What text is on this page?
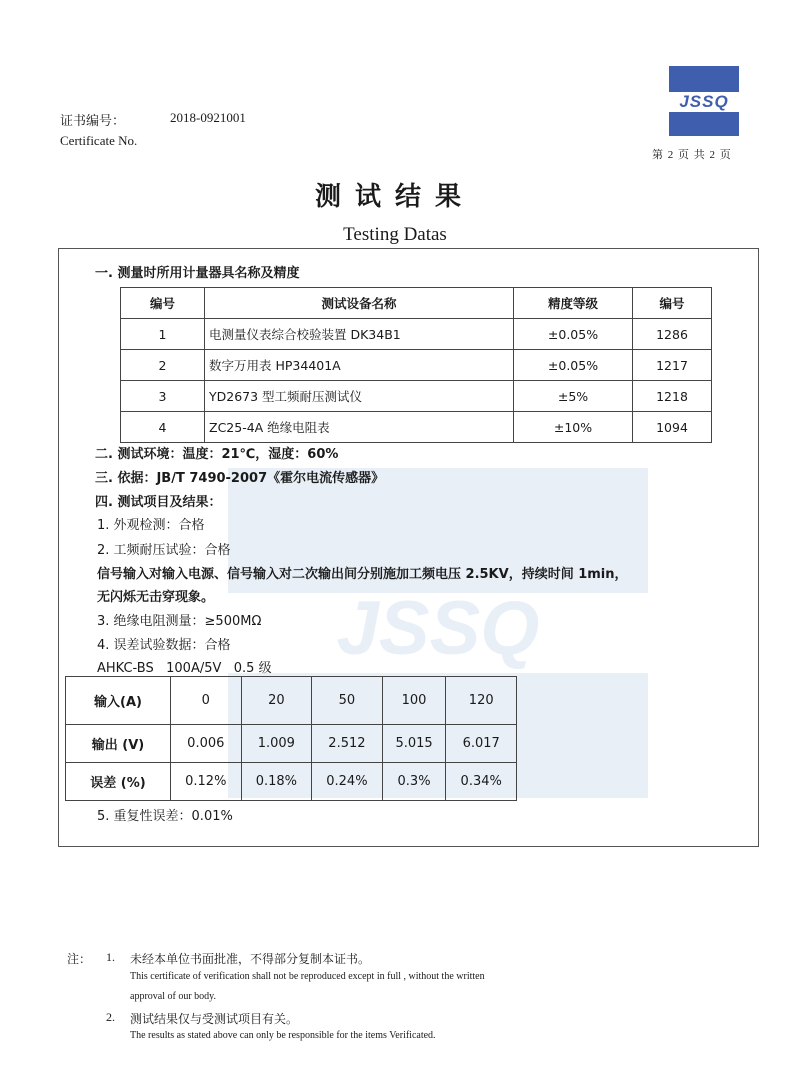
证书编号：	2018-0921001
Certificate No.
JSSQ
第 2 页 共 2 页
测试结果
Testing Datas
JSSQ
一. 测量时所用计量器具名称及精度
编号	测试设备名称	精度等级	编号
1	电测量仪表综合校验装置 DK34B1	±0.05%	1286
2	数字万用表 HP34401A	±0.05%	1217
3	YD2673 型工频耐压测试仪	±5%	1218
4	ZC25-4A 绝缘电阻表	±10%	1094
二. 测试环境：温度：21℃，湿度：60%
三. 依据：JB/T 7490-2007《霍尔电流传感器》
四. 测试项目及结果：
1. 外观检测：合格
2. 工频耐压试验：合格
信号输入对输入电源、信号输入对二次输出间分别施加工频电压 2.5KV，持续时间 1min，
无闪烁无击穿现象。
3. 绝缘电阻测量：≥500MΩ
4. 误差试验数据：合格
AHKC-BS   100A/5V   0.5 级
输入(A)	0	20	50	100	120
输出 (V)	0.006	1.009	2.512	5.015	6.017
误差 (%)	0.12%	0.18%	0.24%	0.3%	0.34%
5. 重复性误差：0.01%
注： 1. 未经本单位书面批准，不得部分复制本证书。
This certificate of verification shall not be reproduced except in full , without the written
approval of our body.
2. 测试结果仅与受测试项目有关。
The results as stated above can only be responsible for the items Verificated.
